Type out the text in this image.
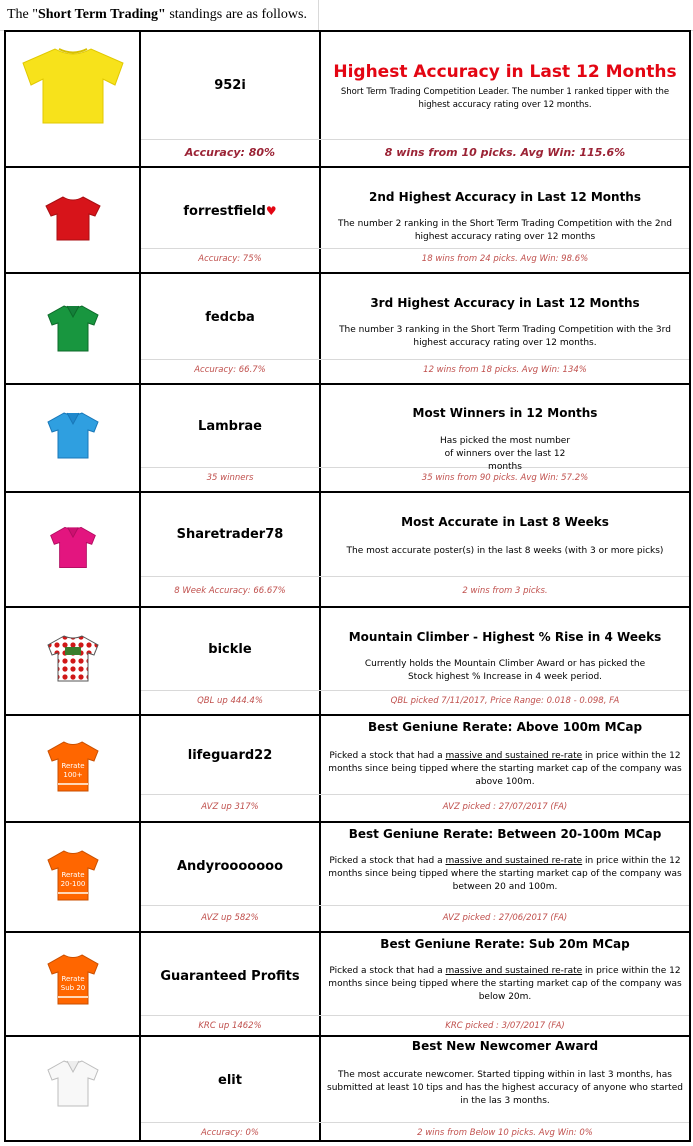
The "Short Term Trading" standings are as follows.
952i
Highest Accuracy in Last 12 Months
Short Term Trading Competition Leader. The number 1 ranked tipper with the highest accuracy rating over 12 months.
Accuracy: 80%	8 wins from 10 picks. Avg Win: 115.6%
forrestfield♥
2nd Highest Accuracy in Last 12 Months
The number 2 ranking in the Short Term Trading Competition with the 2nd highest accuracy rating over 12 months
Accuracy: 75%	18 wins from 24 picks. Avg Win: 98.6%
fedcba
3rd Highest Accuracy in Last 12 Months
The number 3 ranking in the Short Term Trading Competition with the 3rd highest accuracy rating over 12 months.
Accuracy: 66.7%	12 wins from 18 picks. Avg Win: 134%
Lambrae
Most Winners in 12 Months
Has picked the most number of winners over the last 12 months
35 winners	35 wins from 90 picks. Avg Win: 57.2%
Sharetrader78
Most Accurate in Last 8 Weeks
The most accurate poster(s) in the last 8 weeks (with 3 or more picks)
8 Week Accuracy: 66.67%	2 wins from 3 picks.
bickle
Mountain Climber - Highest % Rise in 4 Weeks
Currently holds the Mountain Climber Award or has picked the Stock highest % Increase in 4 week period.
QBL up 444.4%	QBL picked 7/11/2017, Price Range: 0.018 - 0.098, FA
Rerate
100+
lifeguard22
Best Geniune Rerate: Above 100m MCap
Picked a stock that had a massive and sustained re-rate in price within the 12 months since being tipped where the starting market cap of the company was above 100m.
AVZ up 317%	AVZ picked : 27/07/2017 (FA)
Rerate
20-100
Andyrooooooo
Best Geniune Rerate: Between 20-100m MCap
Picked a stock that had a massive and sustained re-rate in price within the 12 months since being tipped where the starting market cap of the company was between 20 and 100m.
AVZ up 582%	AVZ picked : 27/06/2017 (FA)
Rerate
Sub 20
Guaranteed Profits
Best Geniune Rerate: Sub 20m MCap
Picked a stock that had a massive and sustained re-rate in price within the 12 months since being tipped where the starting market cap of the company was below 20m.
KRC up 1462%	KRC picked : 3/07/2017 (FA)
elit
Best New Newcomer Award
The most accurate newcomer. Started tipping within in last 3 months, has submitted at least 10 tips and has the highest accuracy of anyone who started in the las 3 months.
Accuracy: 0%	2 wins from Below 10 picks. Avg Win: 0%
